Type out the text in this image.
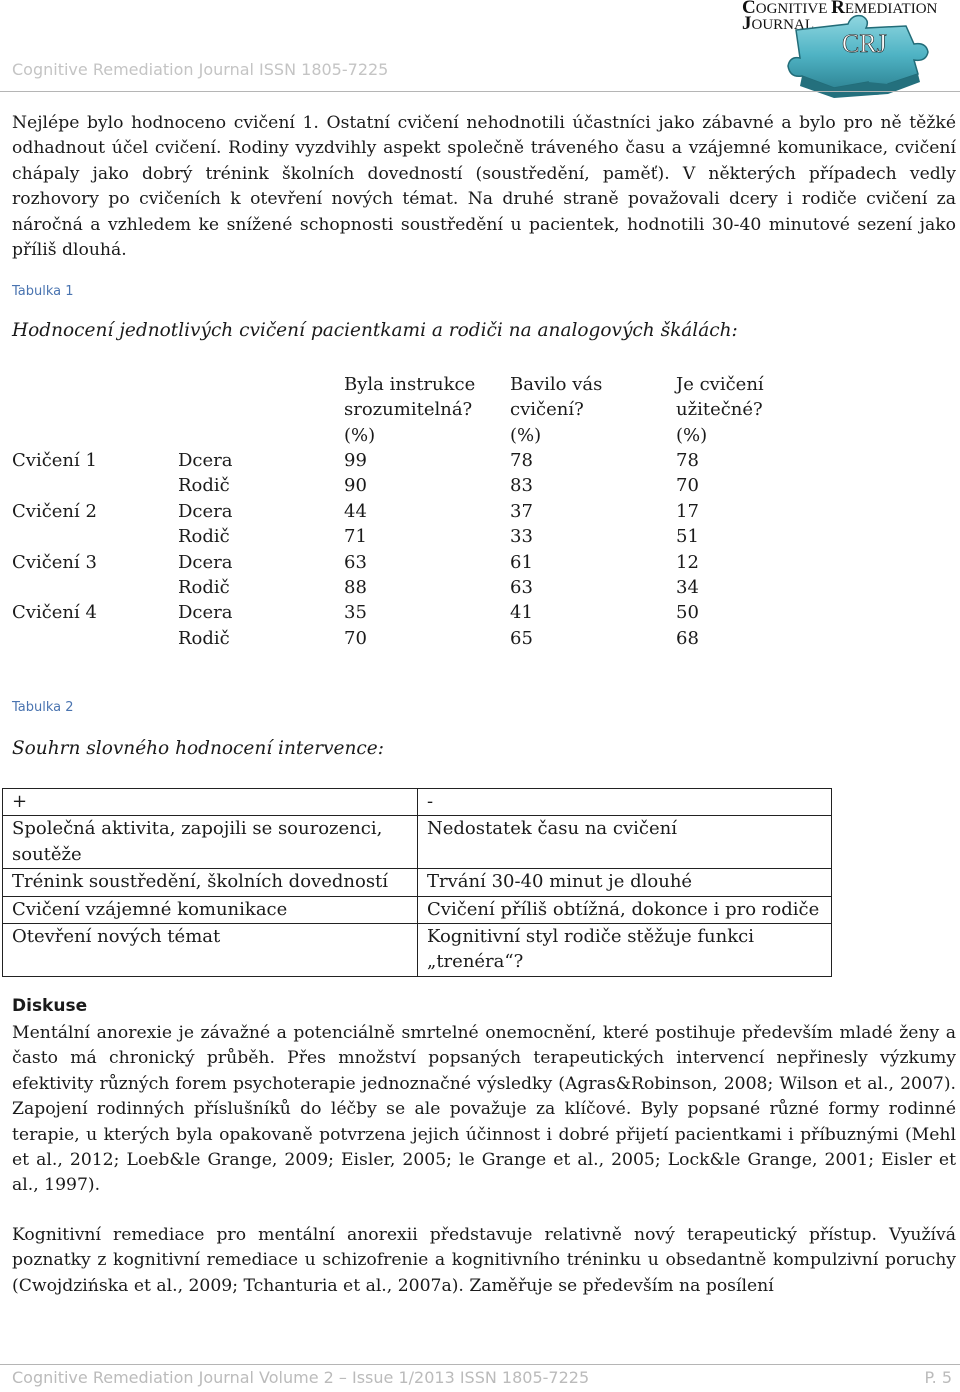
Cognitive Remediation Journal ISSN 1805-7225
COGNITIVE REMEDIATION
JOURNAL
CRJ

Nejlépe bylo hodnoceno cvičení 1. Ostatní cvičení nehodnotili účastníci jako zábavné a bylo pro ně těžké odhadnout účel cvičení. Rodiny vyzdvihly aspekt společně tráveného času a vzájemné komunikace, cvičení chápaly jako dobrý trénink školních dovedností (soustředění, paměť). V některých případech vedly rozhovory po cvičeních k otevření nových témat. Na druhé straně považovali dcery i rodiče cvičení za náročná a vzhledem ke snížené schopnosti soustředění u pacientek, hodnotili 30-40 minutové sezení jako příliš dlouhá.

Tabulka 1
Hodnocení jednotlivých cvičení pacientkami a rodiči na analogových škálách:
Byla instrukce
srozumitelná?
(%)
Bavilo vás
cvičení?
(%)
Je cvičení
užitečné?
(%)
Cvičení 1	Dcera	99	78	78
Rodič	90	83	70
Cvičení 2	Dcera	44	37	17
Rodič	71	33	51
Cvičení 3	Dcera	63	61	12
Rodič	88	63	34
Cvičení 4	Dcera	35	41	50
Rodič	70	65	68
Tabulka 2
Souhrn slovného hodnocení intervence:
+	-
Společná aktivita, zapojili se sourozenci, soutěže	Nedostatek času na cvičení
Trénink soustředění, školních dovedností	Trvání 30-40 minut je dlouhé
Cvičení vzájemné komunikace	Cvičení příliš obtížná, dokonce i pro rodiče
Otevření nových témat	Kognitivní styl rodiče stěžuje funkci „trenéra“?
Diskuse

Mentální anorexie je závažné a potenciálně smrtelné onemocnění, které postihuje především mladé ženy a často má chronický průběh. Přes množství popsaných terapeutických intervencí nepřinesly výzkumy efektivity různých forem psychoterapie jednoznačné výsledky (Agras&Robinson, 2008; Wilson et al., 2007). Zapojení rodinných příslušníků do léčby se ale považuje za klíčové. Byly popsané různé formy rodinné terapie, u kterých byla opakovaně potvrzena jejich účinnost i dobré přijetí pacientkami i příbuznými (Mehl et al., 2012; Loeb&le Grange, 2009; Eisler, 2005; le Grange et al., 2005; Lock&le Grange, 2001; Eisler et al., 1997).

Kognitivní remediace pro mentální anorexii představuje relativně nový terapeutický přístup. Využívá poznatky z kognitivní remediace u schizofrenie a kognitivního tréninku u obsedantně kompulzivní poruchy (Cwojdzińska et al., 2009; Tchanturia et al., 2007a). Zaměřuje se především na posílení

Cognitive Remediation Journal Volume 2 – Issue 1/2013 ISSN 1805-7225	P. 5
